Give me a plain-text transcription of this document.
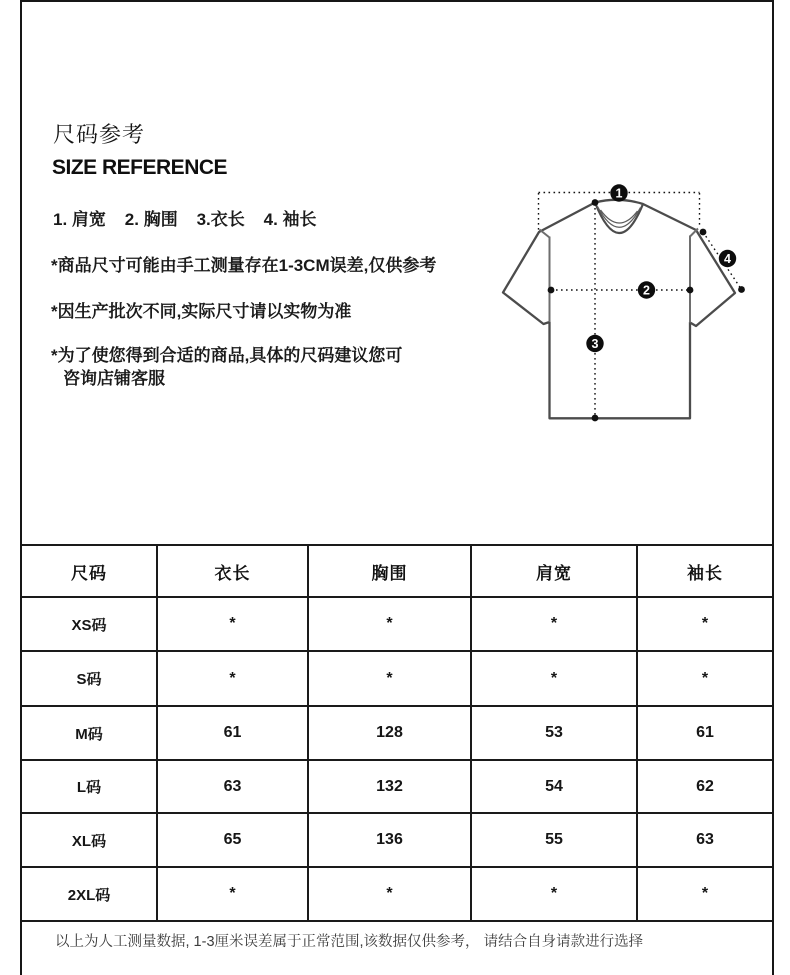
尺码参考
SIZE REFERENCE
1. 肩宽    2. 胸围    3.衣长    4. 袖长
*商品尺寸可能由手工测量存在1-3CM误差,仅供参考
*因生产批次不同,实际尺寸请以实物为准
*为了使您得到合适的商品,具体的尺码建议您可
咨询店铺客服
1
2
3
4
尺码	衣长	胸围	肩宽	袖长
XS码	*	*	*	*
S码	*	*	*	*
M码	61	128	53	61
L码	63	132	54	62
XL码	65	136	55	63
2XL码	*	*	*	*
以上为人工测量数据, 1-3厘米误差属于正常范围,该数据仅供参考， 请结合自身请款进行选择
